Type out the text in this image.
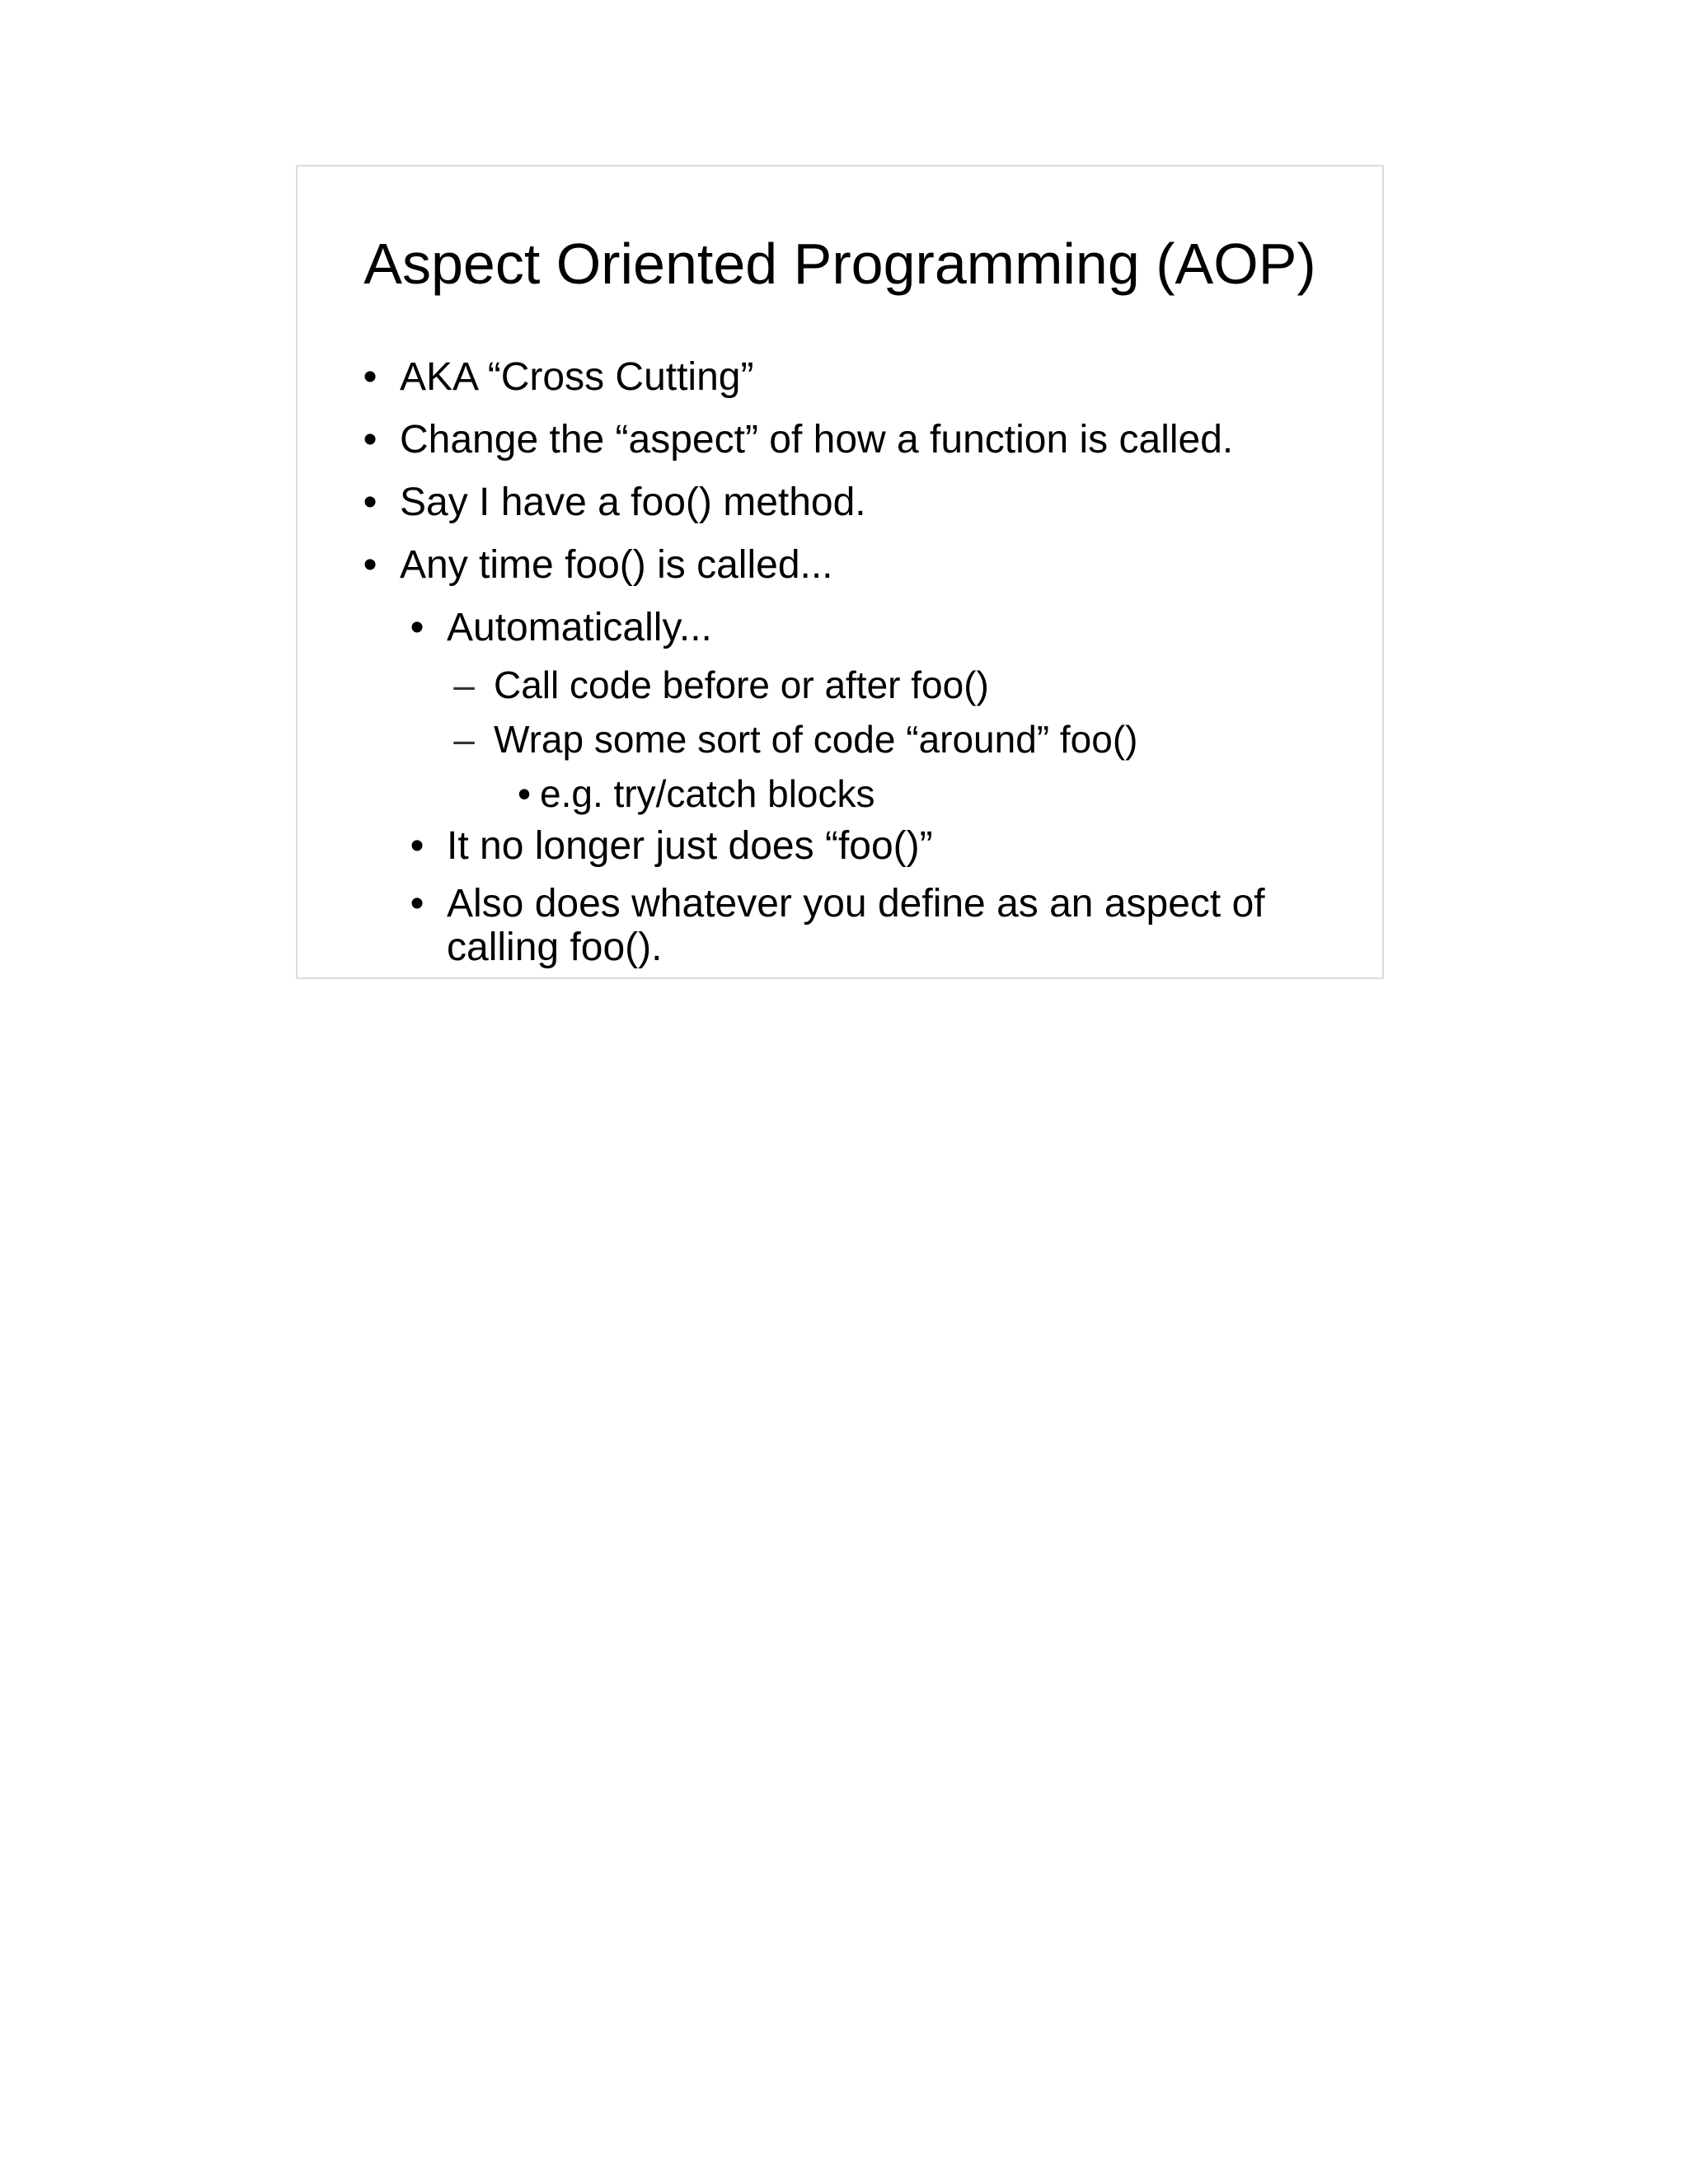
Aspect Oriented Programming (AOP)
• AKA “Cross Cutting”
• Change the “aspect” of how a function is called.
• Say I have a foo() method.
• Any time foo() is called...
• Automatically...
– Call code before or after foo()
– Wrap some sort of code “around” foo()
• e.g. try/catch blocks
• It no longer just does “foo()”
• Also does whatever you define as an aspect of
calling foo().
